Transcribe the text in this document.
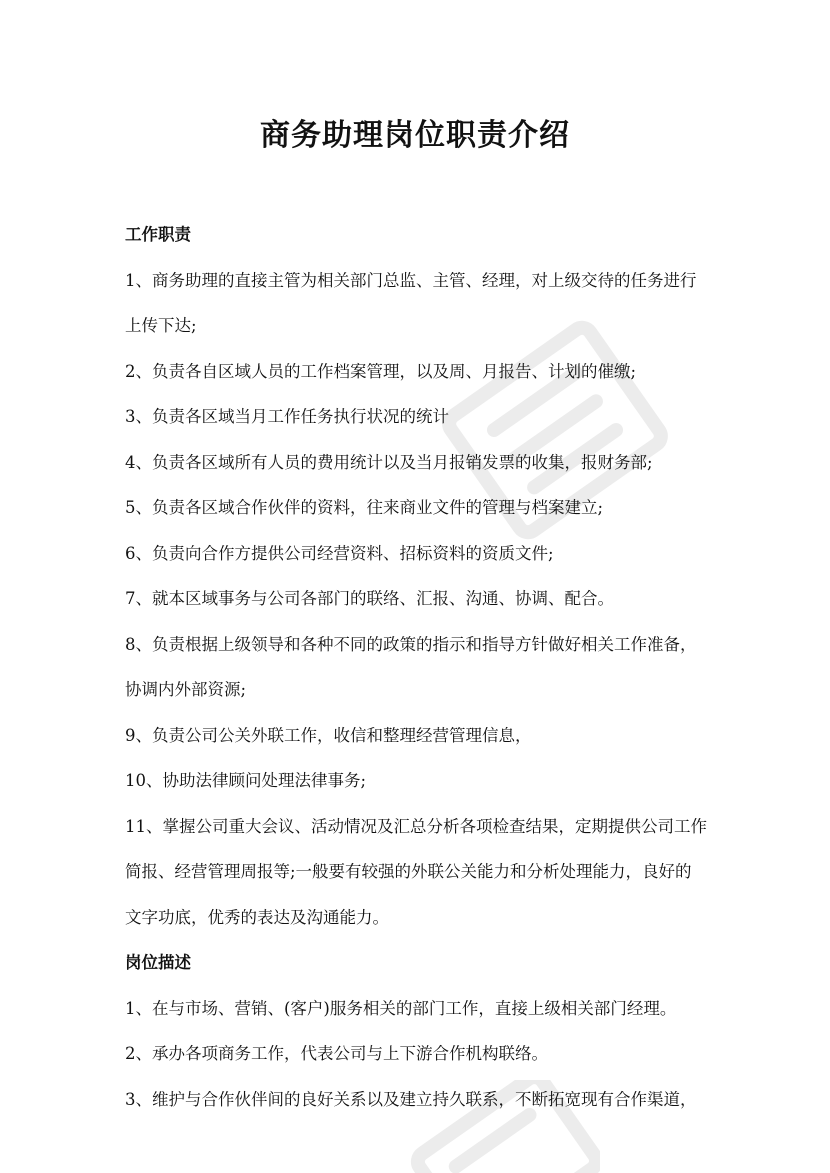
商务助理岗位职责介绍
工作职责
1、商务助理的直接主管为相关部门总监、主管、经理，对上级交待的任务进行
上传下达;
2、负责各自区域人员的工作档案管理，以及周、月报告、计划的催缴;
3、负责各区域当月工作任务执行状况的统计
4、负责各区域所有人员的费用统计以及当月报销发票的收集，报财务部;
5、负责各区域合作伙伴的资料，往来商业文件的管理与档案建立;
6、负责向合作方提供公司经营资料、招标资料的资质文件;
7、就本区域事务与公司各部门的联络、汇报、沟通、协调、配合。
8、负责根据上级领导和各种不同的政策的指示和指导方针做好相关工作准备，
协调内外部资源;
9、负责公司公关外联工作，收信和整理经营管理信息，
10、协助法律顾问处理法律事务;
11、掌握公司重大会议、活动情况及汇总分析各项检查结果，定期提供公司工作
简报、经营管理周报等;一般要有较强的外联公关能力和分析处理能力，良好的
文字功底，优秀的表达及沟通能力。
岗位描述
1、在与市场、营销、(客户)服务相关的部门工作，直接上级相关部门经理。
2、承办各项商务工作，代表公司与上下游合作机构联络。
3、维护与合作伙伴间的良好关系以及建立持久联系，不断拓宽现有合作渠道，
